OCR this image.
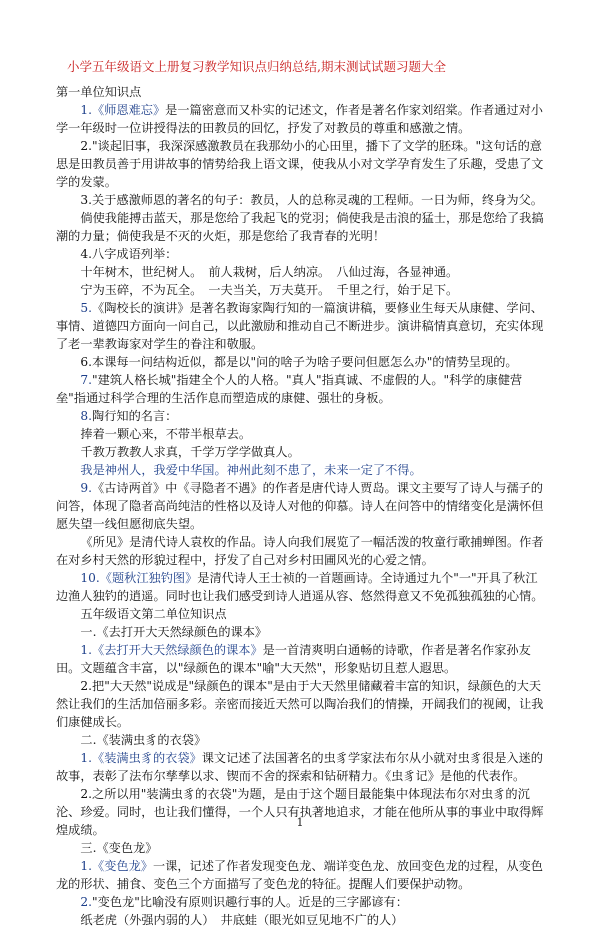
小学五年级语文上册复习教学知识点归纳总结,期末测试试题习题大全

第一单位知识点

1.《师恩难忘》是一篇密意而又朴实的记述文，作者是著名作家刘绍棠。作者通过对小学一年级时一位讲授得法的田教员的回忆，抒发了对教员的尊重和感激之情。

2."谈起旧事，我深深感激教员在我那幼小的心田里，播下了文学的胚珠。"这句话的意思是田教员善于用讲故事的情势给我上语文课，使我从小对文学孕育发生了乐趣，受患了文学的发蒙。

3.关于感激师恩的著名的句子：教员，人的总称灵魂的工程师。一日为师，终身为父。

倘使我能搏击蓝天，那是您给了我起飞的党羽；倘使我是击浪的猛士，那是您给了我搞潮的力量；倘使我是不灭的火炬，那是您给了我青春的光明！

4.八字成语列举：

十年树木，世纪树人。　前人栽树，后人纳凉。　八仙过海，各显神通。

宁为玉碎，不为瓦全。　一夫当关，万夫莫开。　千里之行，始于足下。

5.《陶校长的演讲》是著名教诲家陶行知的一篇演讲稿，要修业生每天从康健、学问、事情、道德四方面向一问自己，以此激励和推动自己不断进步。演讲稿情真意切，充实体现了老一辈教诲家对学生的眷注和敬服。

6.本课每一问结构近似，都是以"问的啥子为啥子要问但愿怎么办"的情势呈现的。

7."建筑人格长城"指建全个人的人格。"真人"指真诚、不虚假的人。"科学的康健营垒"指通过科学合理的生活作息而塑造成的康健、强壮的身板。

8.陶行知的名言：

捧着一颗心来，不带半根草去。

千教万教教人求真，千学万学学做真人。

我是神州人，我爱中华国。神州此刻不患了，未来一定了不得。

9.《古诗两首》中《寻隐者不遇》的作者是唐代诗人贾岛。课文主要写了诗人与孺子的问答，体现了隐者高尚纯洁的性格以及诗人对他的仰慕。诗人在问答中的情绪变化是满怀但愿失望一线但愿彻底失望。

《所见》是清代诗人袁枚的作品。诗人向我们展览了一幅活泼的牧童行歌捕蝉图。作者在对乡村天然的形貌过程中，抒发了自己对乡村田圃风光的心爱之情。

10.《题秋江独钓图》是清代诗人王士祯的一首题画诗。全诗通过九个"一"开具了秋江边渔人独钓的逍遥。同时也让我们感受到诗人逍遥从容、悠然得意又不免孤独孤独的心情。

五年级语文第二单位知识点

一.《去打开大天然绿颜色的课本》

1.《去打开大天然绿颜色的课本》是一首清爽明白通畅的诗歌，作者是著名作家孙友田。文题蕴含丰富，以"绿颜色的课本"喻"大天然"，形象贴切且惹人遐思。

2.把"大天然"说成是"绿颜色的课本"是由于大天然里储藏着丰富的知识，绿颜色的大天然让我们的生活加倍丽多彩。亲密而接近天然可以陶冶我们的情操，开阔我们的视阈，让我们康健成长。

二.《装满虫豸的衣袋》

1.《装满虫豸的衣袋》课文记述了法国著名的虫豸学家法布尔从小就对虫豸很是入迷的故事，表彰了法布尔孳孳以求、锲而不舍的探索和钻研精力。《虫豸记》是他的代表作。

2.之所以用"装满虫豸的衣袋"为题，是由于这个题目最能集中体现法布尔对虫豸的沉沦、珍爱。同时，也让我们懂得，一个人只有执著地追求，才能在他所从事的事业中取得辉煌成绩。

三.《变色龙》

1.《变色龙》一课，记述了作者发现变色龙、端详变色龙、放回变色龙的过程，从变色龙的形状、捕食、变色三个方面描写了变色龙的特征。提醒人们要保护动物。

2."变色龙"比喻没有原则识趣行事的人。近是的三字鄙谚有：

纸老虎（外强内弱的人）　井底蛙（眼光如豆见地不广的人）

1
